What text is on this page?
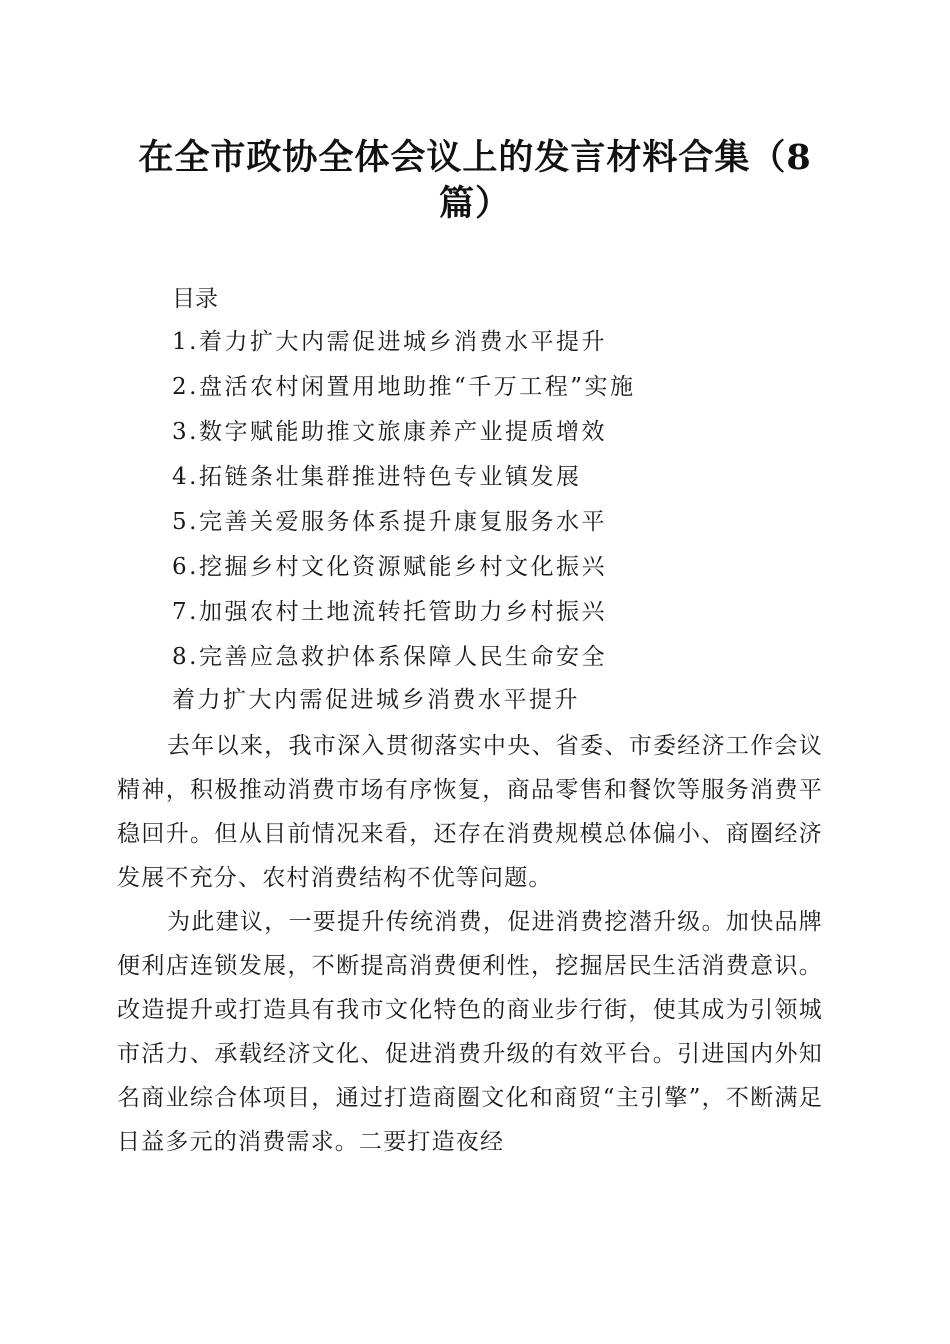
在全市政协全体会议上的发言材料合集（8篇）
目录
1.着力扩大内需促进城乡消费水平提升
2.盘活农村闲置用地助推“千万工程”实施
3.数字赋能助推文旅康养产业提质增效
4.拓链条壮集群推进特色专业镇发展
5.完善关爱服务体系提升康复服务水平
6.挖掘乡村文化资源赋能乡村文化振兴
7.加强农村土地流转托管助力乡村振兴
8.完善应急救护体系保障人民生命安全
着力扩大内需促进城乡消费水平提升

去年以来，我市深入贯彻落实中央、省委、市委经济工作会议精神，积极推动消费市场有序恢复，商品零售和餐饮等服务消费平稳回升。但从目前情况来看，还存在消费规模总体偏小、商圈经济发展不充分、农村消费结构不优等问题。

为此建议，一要提升传统消费，促进消费挖潜升级。加快品牌便利店连锁发展，不断提高消费便利性，挖掘居民生活消费意识。改造提升或打造具有我市文化特色的商业步行街，使其成为引领城市活力、承载经济文化、促进消费升级的有效平台。引进国内外知名商业综合体项目，通过打造商圈文化和商贸“主引擎”，不断满足日益多元的消费需求。二要打造夜经
